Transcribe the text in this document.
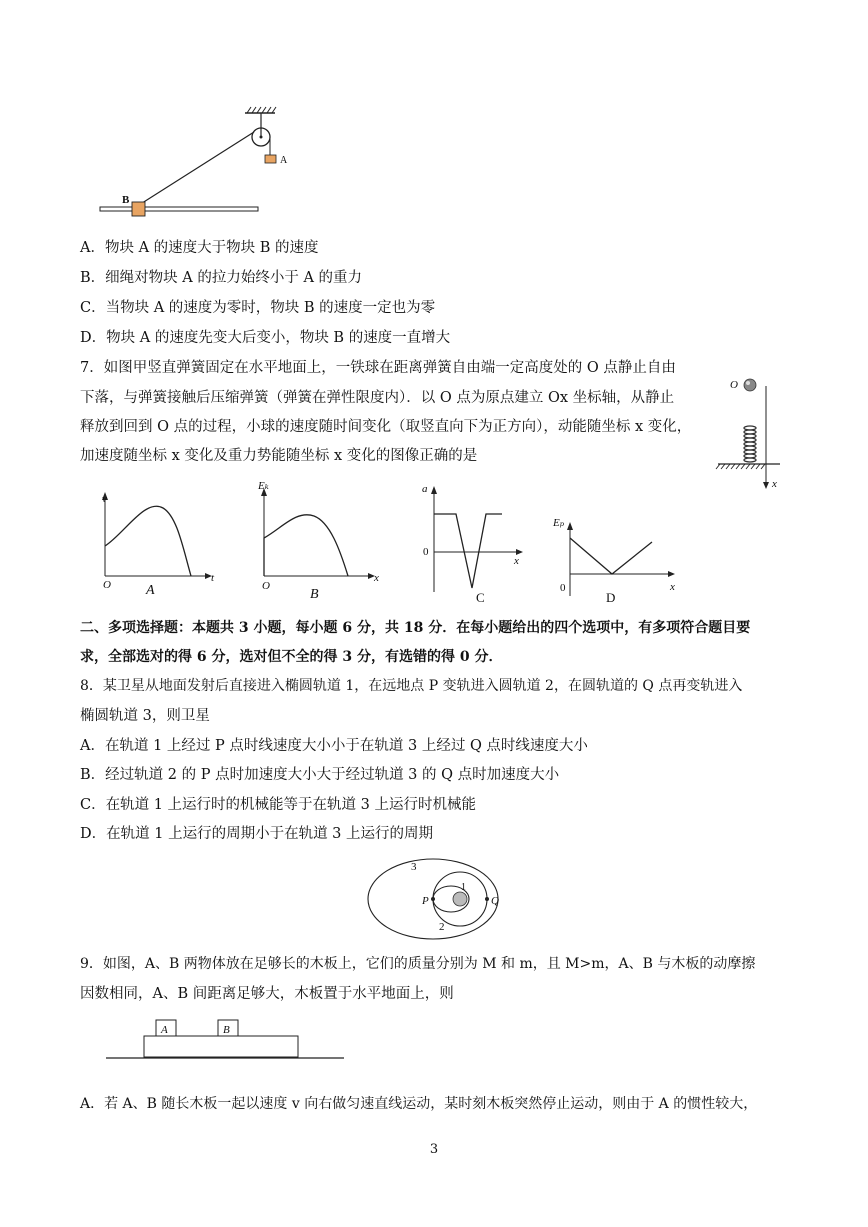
A
B
A．物块 A 的速度大于物块 B 的速度
B．细绳对物块 A 的拉力始终小于 A 的重力
C．当物块 A 的速度为零时，物块 B 的速度一定也为零
D．物块 A 的速度先变大后变小，物块 B 的速度一直增大
7．如图甲竖直弹簧固定在水平地面上，一铁球在距离弹簧自由端一定高度处的 O 点静止自由
下落，与弹簧接触后压缩弹簧（弹簧在弹性限度内）．以 O 点为原点建立 Ox 坐标轴，从静止
释放到回到 O 点的过程，小球的速度随时间变化（取竖直向下为正方向），动能随坐标 x 变化，
加速度随坐标 x 变化及重力势能随坐标 x 变化的图像正确的是
O
x
v
t
O	A
Eₖ
x
O
B
a
x
0
C
Eₚ
x
0
D
二、多项选择题：本题共 3 小题，每小题 6 分，共 18 分．在每小题给出的四个选项中，有多项符合题目要
求，全部选对的得 6 分，选对但不全的得 3 分，有选错的得 0 分．
8．某卫星从地面发射后直接进入椭圆轨道 1，在远地点 P 变轨进入圆轨道 2，在圆轨道的 Q 点再变轨进入
椭圆轨道 3，则卫星
A．在轨道 1 上经过 P 点时线速度大小小于在轨道 3 上经过 Q 点时线速度大小
B．经过轨道 2 的 P 点时加速度大小大于经过轨道 3 的 Q 点时加速度大小
C．在轨道 1 上运行时的机械能等于在轨道 3 上运行时机械能
D．在轨道 1 上运行的周期小于在轨道 3 上运行的周期
3
1
2
P	Q
9．如图，A、B 两物体放在足够长的木板上，它们的质量分别为 M 和 m，且 M>m，A、B 与木板的动摩擦
因数相同，A、B 间距离足够大，木板置于水平地面上，则
A	B
A．若 A、B 随长木板一起以速度 v 向右做匀速直线运动，某时刻木板突然停止运动，则由于 A 的惯性较大，
3
